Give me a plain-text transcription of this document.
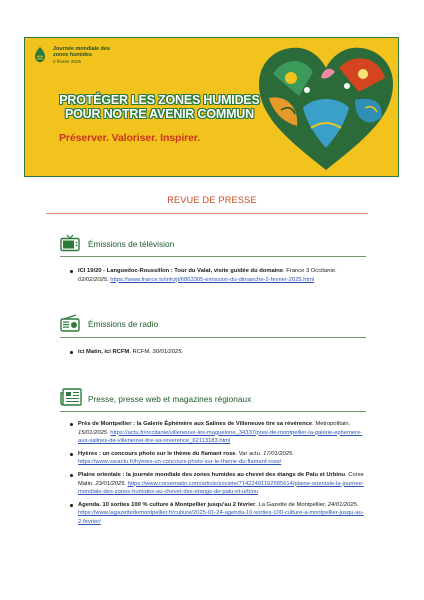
Journée mondiale des zones humides
2 février 2025
PROTÉGER LES ZONES HUMIDES
POUR NOTRE AVENIR COMMUN
Préserver. Valoriser. Inspirer.
REVUE DE PRESSE
Émissions de télévision
ICI 19/20 - Languedoc-Roussillon : Tour du Valat, visite guidée du domaine. France 3 Occitanie. 02/02/2025. https://www.france.tv/info/jt/6863305-emission-du-dimanche-2-fevrier-2025.html
Émissions de radio
ici Matin, ici RCFM. RCFM. 30/01/2025.
Presse, presse web et magazines régionaux
Près de Montpellier : la Galerie Éphémère aux Salines de Villeneuve tire sa révérence. Metropolitain. 15/01/2025. https://actu.fr/occitanie/villeneuve-les-maguelone_34337/pres-de-montpellier-la-galerie-ephemere-aux-salines-de-villeneuve-tire-sa-reverence_62113183.html
Hyères : un concours photo sur le thème du flamant rose. Var actu. 17/01/2025. https://www.varactu.fr/hyeres-un-concours-photo-sur-le-theme-du-flamant-rose/
Plaine orientale : la journée mondiale des zones humides au chevet des étangs de Palu et Urbinu. Corse Matin. 23/01/2025. https://www.corsematin.com/article/societe/71422491162585614/plaine-orientale-la-journee-mondiale-des-zones-humides-au-chevet-des-etangs-de-palu-et-urbinu
Agenda. 10 sorties 100 % culture à Montpellier jusqu'au 2 février. La Gazette de Montpellier. 24/01/2025. https://www.lagazettedemontpellier.fr/culture/2025-01-24-agenda-10-sorties-100-culture-a-montpellier-jusqu-au-2-fevrier/
